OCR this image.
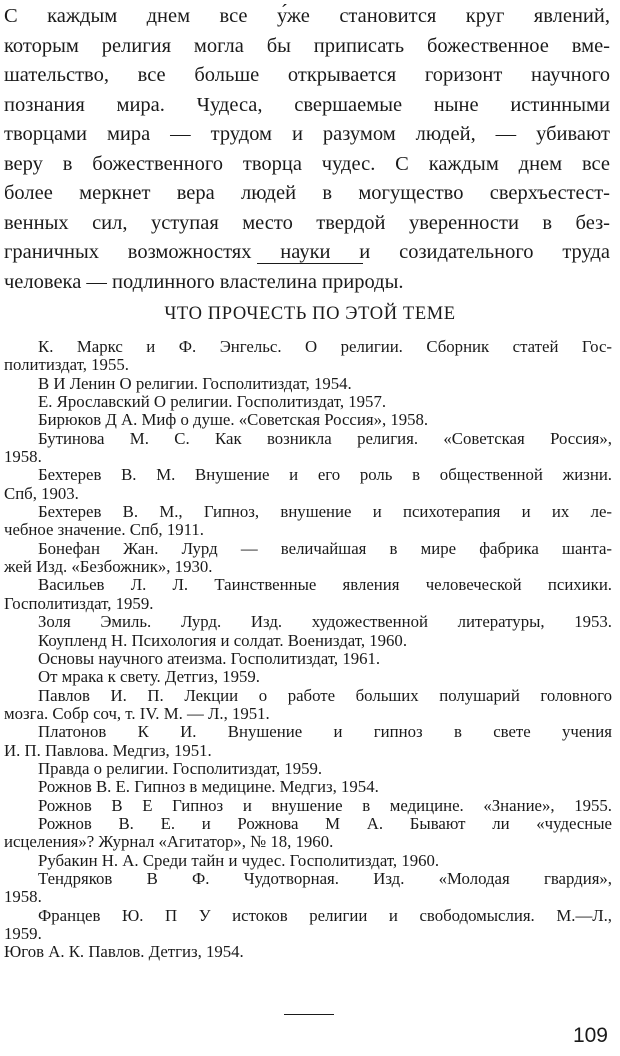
С каждым днем все у́же становится круг явлений,
которым религия могла бы приписать божественное вме-
шательство, все больше открывается горизонт научного
познания мира. Чудеса, свершаемые ныне истинными
творцами мира — трудом и разумом людей, — убивают
веру в божественного творца чудес. С каждым днем все
более меркнет вера людей в могущество сверхъестест-
венных сил, уступая место твердой уверенности в без-
граничных возможностях науки и созидательного труда
человека — подлинного властелина природы.
ЧТО ПРОЧЕСТЬ ПО ЭТОЙ ТЕМЕ
К. Маркс и Ф. Энгельс. О религии. Сборник статей Гос-
политиздат, 1955.
В И Ленин О религии. Госполитиздат, 1954.
Е. Ярославский О религии. Госполитиздат, 1957.
Бирюков Д А. Миф о душе. «Советская Россия», 1958.
Бутинова М. С. Как возникла религия. «Советская Россия»,
1958.
Бехтерев В. М. Внушение и его роль в общественной жизни.
Спб, 1903.
Бехтерев В. М., Гипноз, внушение и психотерапия и их ле-
чебное значение. Спб, 1911.
Бонефан Жан. Лурд — величайшая в мире фабрика шанта-
жей Изд. «Безбожник», 1930.
Васильев Л. Л. Таинственные явления человеческой психики.
Госполитиздат, 1959.
Золя Эмиль. Лурд. Изд. художественной литературы, 1953.
Коупленд Н. Психология и солдат. Воениздат, 1960.
Основы научного атеизма. Госполитиздат, 1961.
От мрака к свету. Детгиз, 1959.
Павлов И. П. Лекции о работе больших полушарий головного
мозга. Собр соч, т. IV. М. — Л., 1951.
Платонов К И. Внушение и гипноз в свете учения
И. П. Павлова. Медгиз, 1951.
Правда о религии. Госполитиздат, 1959.
Рожнов В. Е. Гипноз в медицине. Медгиз, 1954.
Рожнов В Е Гипноз и внушение в медицине. «Знание», 1955.
Рожнов В. Е. и Рожнова М А. Бывают ли «чудесные
исцеления»? Журнал «Агитатор», № 18, 1960.
Рубакин Н. А. Среди тайн и чудес. Госполитиздат, 1960.
Тендряков В Ф. Чудотворная. Изд. «Молодая гвардия»,
1958.
Францев Ю. П У истоков религии и свободомыслия. М.—Л.,
1959.
Югов А. К. Павлов. Детгиз, 1954.
109
